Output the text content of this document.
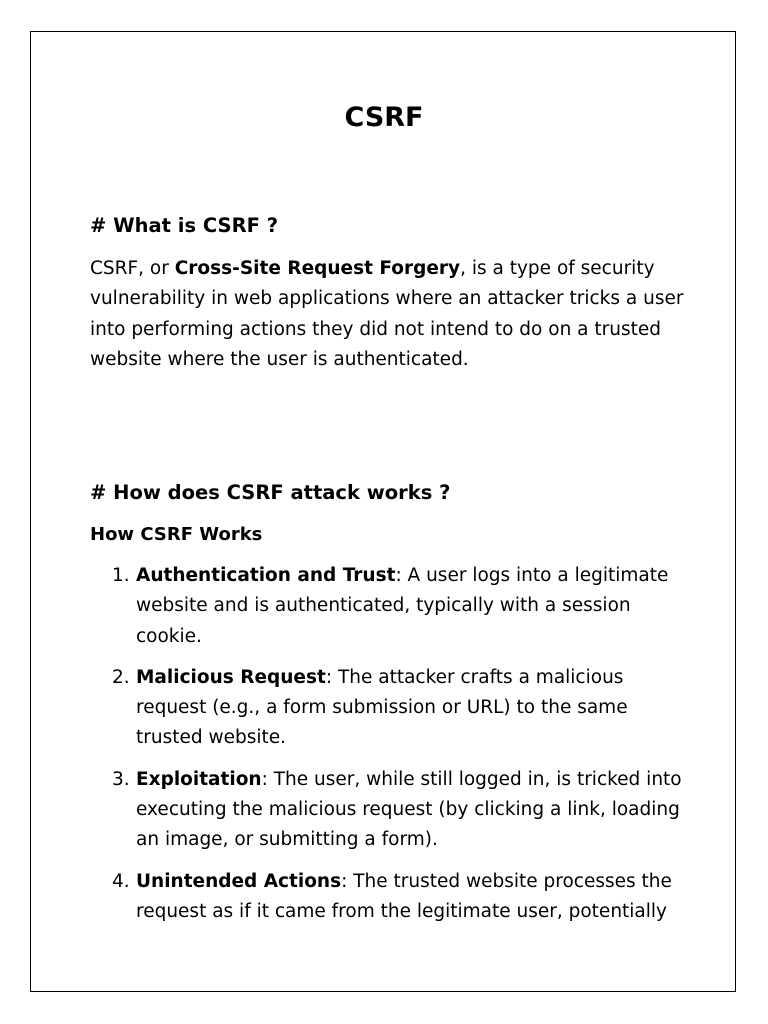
CSRF
# What is CSRF ?

CSRF, or Cross-Site Request Forgery, is a type of security vulnerability in web applications where an attacker tricks a user into performing actions they did not intend to do on a trusted website where the user is authenticated.

# How does CSRF attack works ?
How CSRF Works
1. Authentication and Trust: A user logs into a legitimate website and is authenticated, typically with a session cookie.
2. Malicious Request: The attacker crafts a malicious request (e.g., a form submission or URL) to the same trusted website.
3. Exploitation: The user, while still logged in, is tricked into executing the malicious request (by clicking a link, loading an image, or submitting a form).
4. Unintended Actions: The trusted website processes the request as if it came from the legitimate user, potentially
